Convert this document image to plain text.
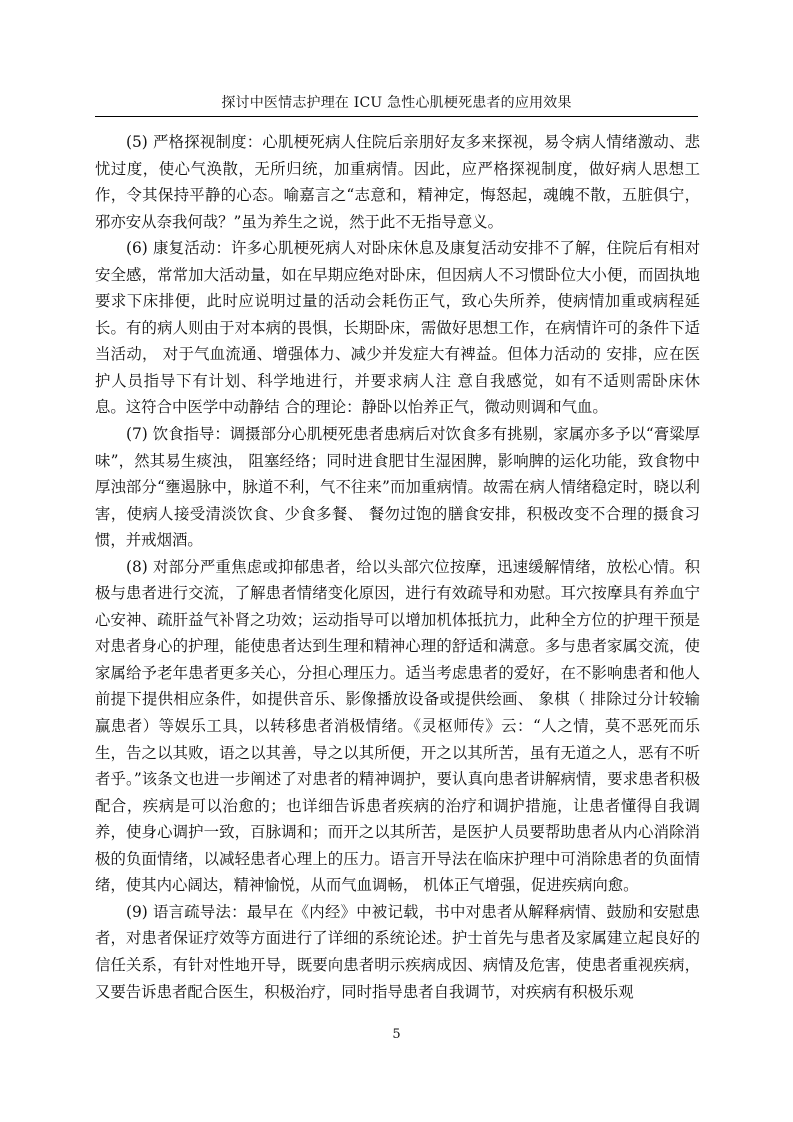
探讨中医情志护理在 ICU 急性心肌梗死患者的应用效果

(5) 严格探视制度：心肌梗死病人住院后亲朋好友多来探视，易令病人情绪激动、悲忧过度，使心气涣散，无所归统，加重病情。因此，应严格探视制度，做好病人思想工作，令其保持平静的心态。喻嘉言之“志意和，精神定，悔怒起，魂魄不散，五脏俱宁，邪亦安从奈我何哉？”虽为养生之说，然于此不无指导意义。

(6) 康复活动：许多心肌梗死病人对卧床休息及康复活动安排不了解，住院后有相对安全感，常常加大活动量，如在早期应绝对卧床，但因病人不习惯卧位大小便，而固执地要求下床排便，此时应说明过量的活动会耗伤正气，致心失所养，使病情加重或病程延长。有的病人则由于对本病的畏惧，长期卧床，需做好思想工作，在病情许可的条件下适当活动， 对于气血流通、增强体力、减少并发症大有裨益。但体力活动的 安排，应在医护人员指导下有计划、科学地进行，并要求病人注 意自我感觉，如有不适则需卧床休息。这符合中医学中动静结 合的理论：静卧以怡养正气，微动则调和气血。

(7) 饮食指导：调摄部分心肌梗死患者患病后对饮食多有挑剔，家属亦多予以“膏粱厚味”，然其易生痰浊， 阻塞经络；同时进食肥甘生湿困脾，影响脾的运化功能，致食物中厚浊部分“壅遏脉中，脉道不利，气不往来”而加重病情。故需在病人情绪稳定时，晓以利害，使病人接受清淡饮食、少食多餐、 餐勿过饱的膳食安排，积极改变不合理的摄食习惯，并戒烟酒。

(8) 对部分严重焦虑或抑郁患者，给以头部穴位按摩，迅速缓解情绪，放松心情。积极与患者进行交流，了解患者情绪变化原因，进行有效疏导和劝慰。耳穴按摩具有养血宁心安神、疏肝益气补肾之功效；运动指导可以增加机体抵抗力，此种全方位的护理干预是对患者身心的护理，能使患者达到生理和精神心理的舒适和满意。多与患者家属交流，使家属给予老年患者更多关心，分担心理压力。适当考虑患者的爱好，在不影响患者和他人前提下提供相应条件，如提供音乐、影像播放设备或提供绘画、 象棋（ 排除过分计较输赢患者）等娱乐工具，以转移患者消极情绪。《灵枢师传》云：“人之情，莫不恶死而乐生，告之以其败，语之以其善，导之以其所便，开之以其所苦，虽有无道之人，恶有不听者乎。”该条文也进一步阐述了对患者的精神调护，要认真向患者讲解病情，要求患者积极配合，疾病是可以治愈的；也详细告诉患者疾病的治疗和调护措施，让患者懂得自我调养，使身心调护一致，百脉调和；而开之以其所苦，是医护人员要帮助患者从内心消除消极的负面情绪，以减轻患者心理上的压力。语言开导法在临床护理中可消除患者的负面情绪，使其内心阔达，精神愉悦，从而气血调畅， 机体正气增强，促进疾病向愈。

(9) 语言疏导法：最早在《内经》中被记载，书中对患者从解释病情、鼓励和安慰患者，对患者保证疗效等方面进行了详细的系统论述。护士首先与患者及家属建立起良好的信任关系，有针对性地开导，既要向患者明示疾病成因、病情及危害，使患者重视疾病，又要告诉患者配合医生，积极治疗，同时指导患者自我调节，对疾病有积极乐观

5
